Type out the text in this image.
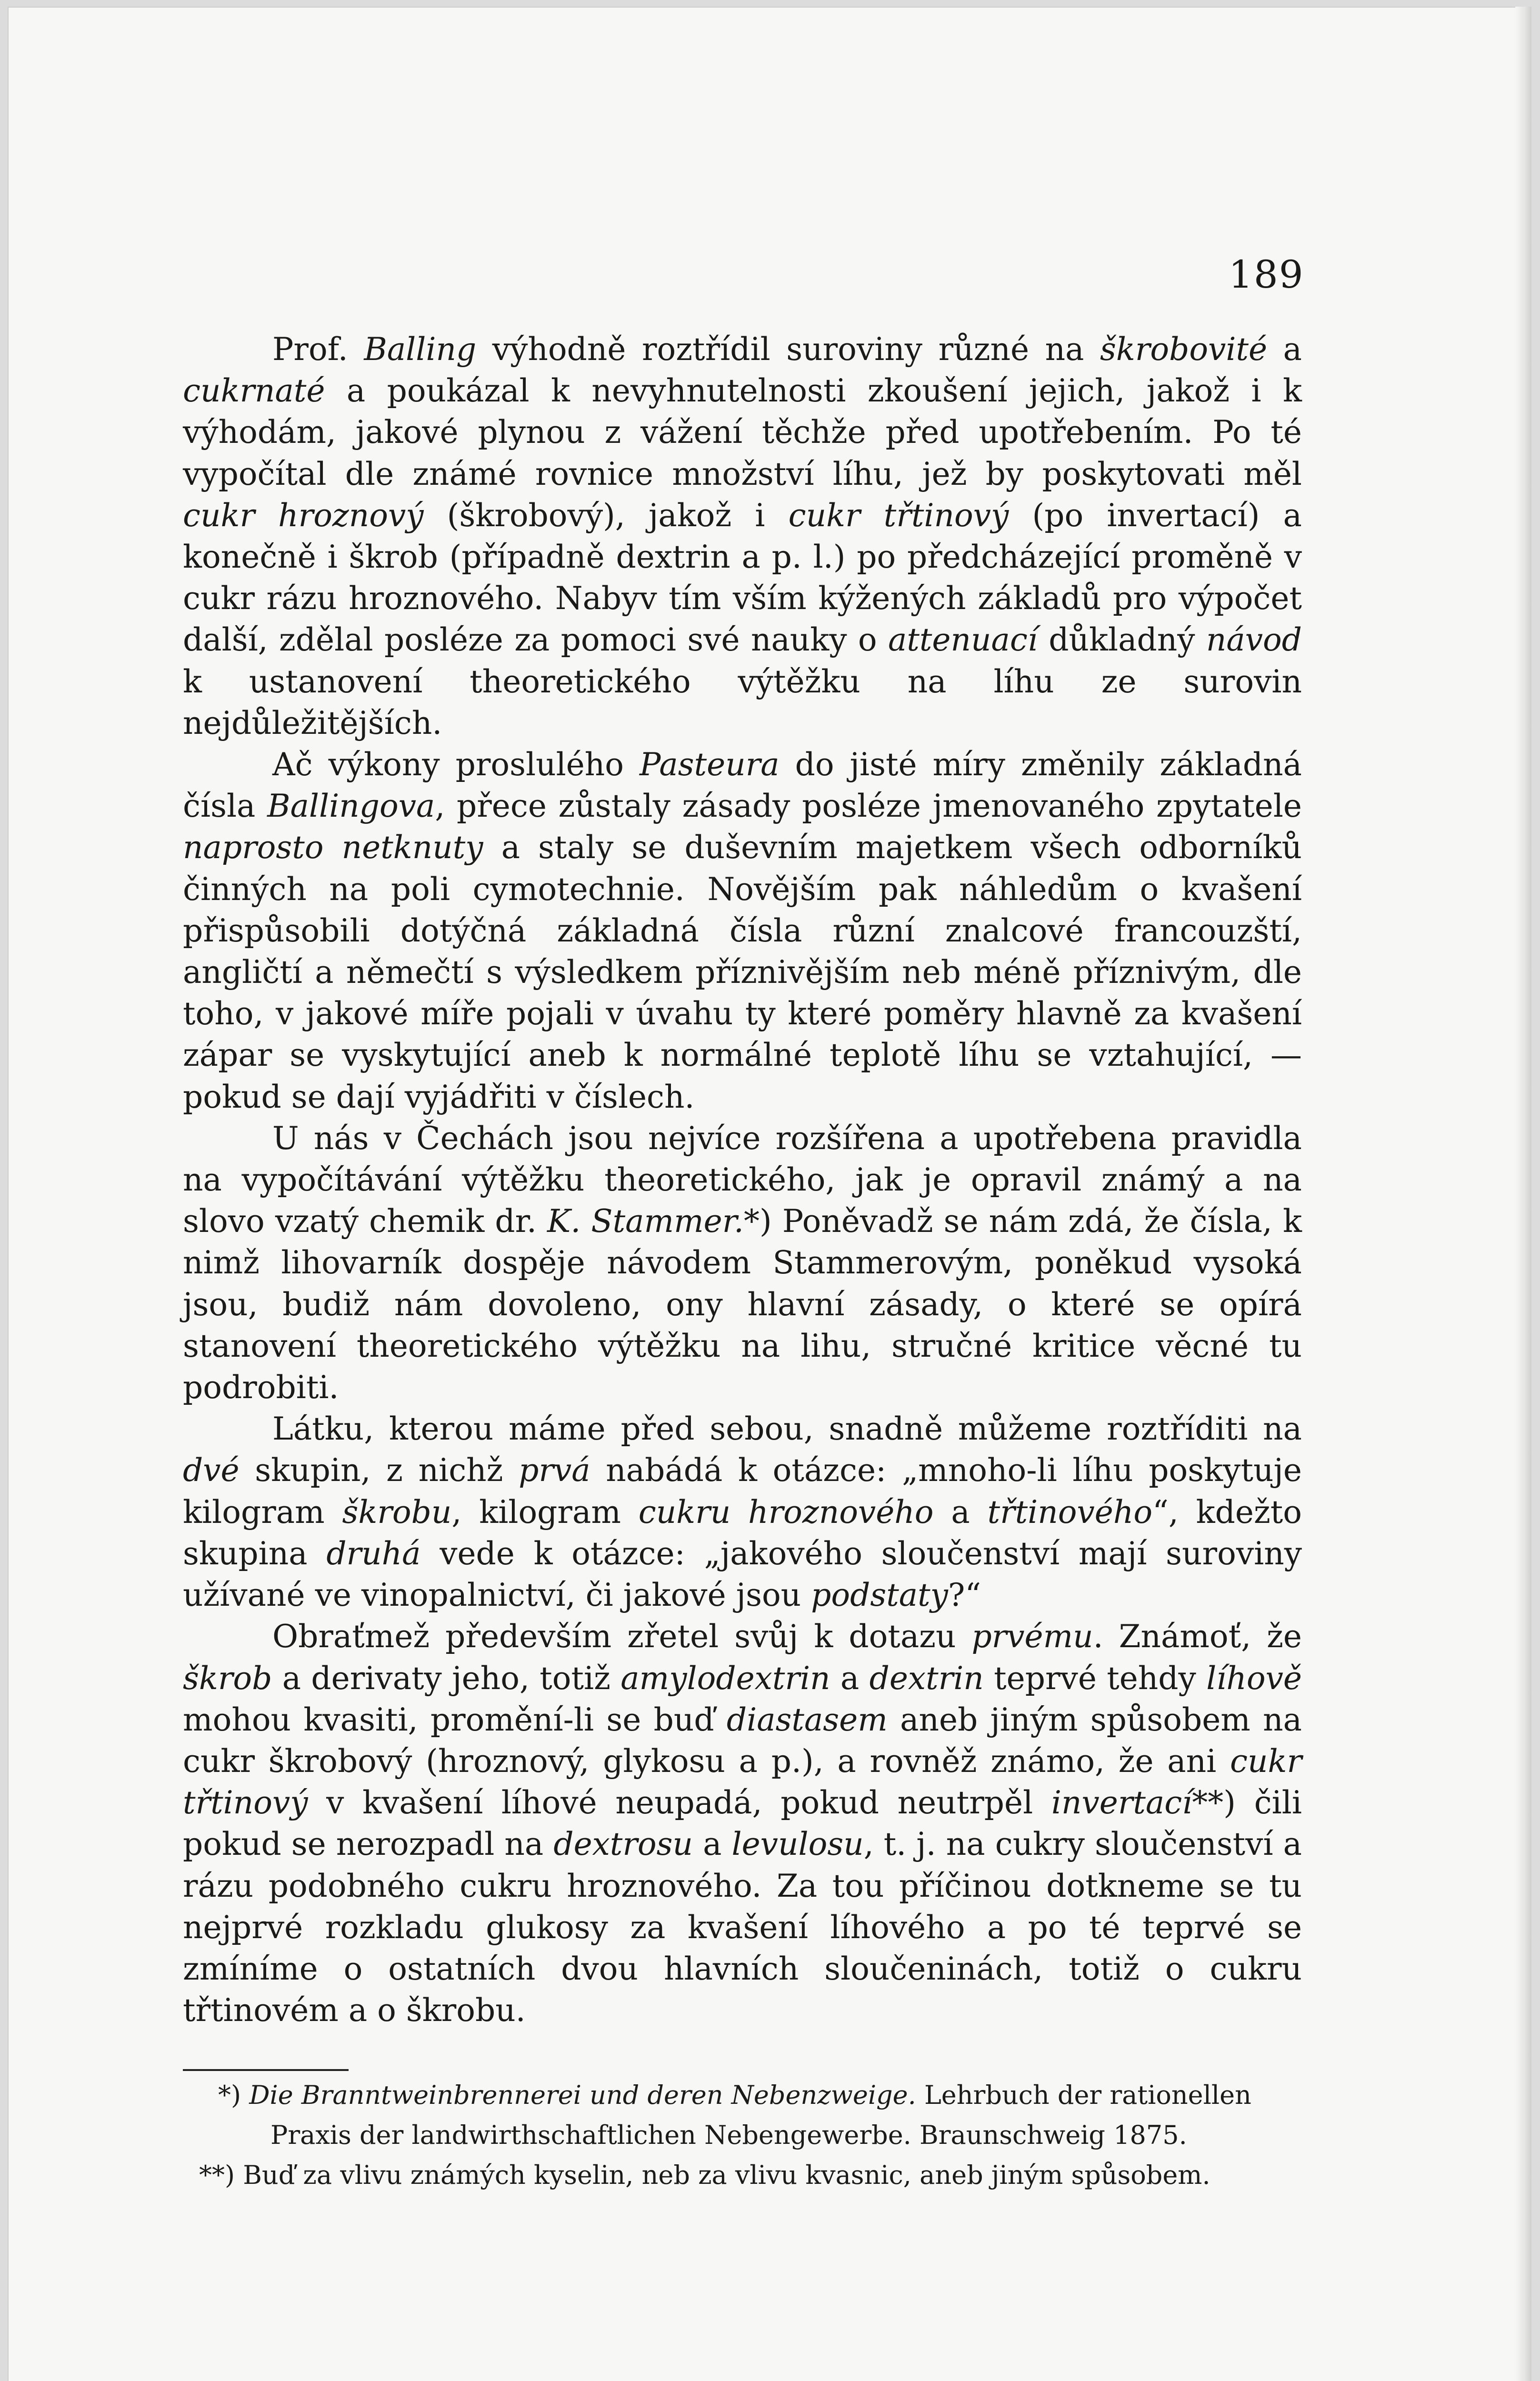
189

Prof. Balling výhodně roztřídil suroviny různé na škrobovité a cukrnaté a poukázal k nevyhnutelnosti zkoušení jejich, jakož i k výhodám, jakové plynou z vážení těchže před upotřebením. Po té vypočítal dle známé rovnice množství líhu, jež by poskytovati měl cukr hroznový (škrobový), jakož i cukr třtinový (po invertací) a konečně i škrob (případně dextrin a p. l.) po předcházející proměně v cukr rázu hroznového. Nabyv tím vším kýžených základů pro výpočet další, zdělal posléze za pomoci své nauky o attenuací důkladný návod k ustanovení theoretického výtěžku na líhu ze surovin nejdůležitějších.

Ač výkony proslulého Pasteura do jisté míry změnily základná čísla Ballingova, přece zůstaly zásady posléze jmenovaného zpytatele naprosto netknuty a staly se duševním majetkem všech odborníků činných na poli cymotechnie. Novějším pak náhledům o kvašení přispůsobili dotýčná základná čísla různí znalcové francouzští, angličtí a němečtí s výsledkem příznivějším neb méně příznivým, dle toho, v jakové míře pojali v úvahu ty které poměry hlavně za kvašení zápar se vyskytující aneb k normálné teplotě líhu se vztahující, — pokud se dají vyjádřiti v číslech.

U nás v Čechách jsou nejvíce rozšířena a upotřebena pravidla na vypočítávání výtěžku theoretického, jak je opravil známý a na slovo vzatý chemik dr. K. Stammer.*) Poněvadž se nám zdá, že čísla, k nimž lihovarník dospěje návodem Stammerovým, poněkud vysoká jsou, budiž nám dovoleno, ony hlavní zásady, o které se opírá stanovení theoretického výtěžku na lihu, stručné kritice věcné tu podrobiti.

Látku, kterou máme před sebou, snadně můžeme roztříditi na dvé skupin, z nichž prvá nabádá k otázce: „mnoho-li líhu poskytuje kilogram škrobu, kilogram cukru hroznového a třtinového“, kdežto skupina druhá vede k otázce: „jakového sloučenství mají suroviny užívané ve vinopalnictví, či jakové jsou podstaty?“

Obraťmež především zřetel svůj k dotazu prvému. Známoť, že škrob a derivaty jeho, totiž amylodextrin a dextrin teprvé tehdy líhově mohou kvasiti, promění-li se buď diastasem aneb jiným spůsobem na cukr škrobový (hroznový, glykosu a p.), a rovněž známo, že ani cukr třtinový v kvašení líhové neupadá, pokud neutrpěl invertací**) čili pokud se nerozpadl na dextrosu a levulosu, t. j. na cukry sloučenství a rázu podobného cukru hroznového. Za tou příčinou dotkneme se tu nejprvé rozkladu glukosy za kvašení líhového a po té teprvé se zmíníme o ostatních dvou hlavních sloučeninách, totiž o cukru třtinovém a o škrobu.

*) Die Branntweinbrennerei und deren Nebenzweige. Lehrbuch der rationellen Praxis der landwirthschaftlichen Nebengewerbe. Braunschweig 1875.

**) Buď za vlivu známých kyselin, neb za vlivu kvasnic, aneb jiným spůsobem.
